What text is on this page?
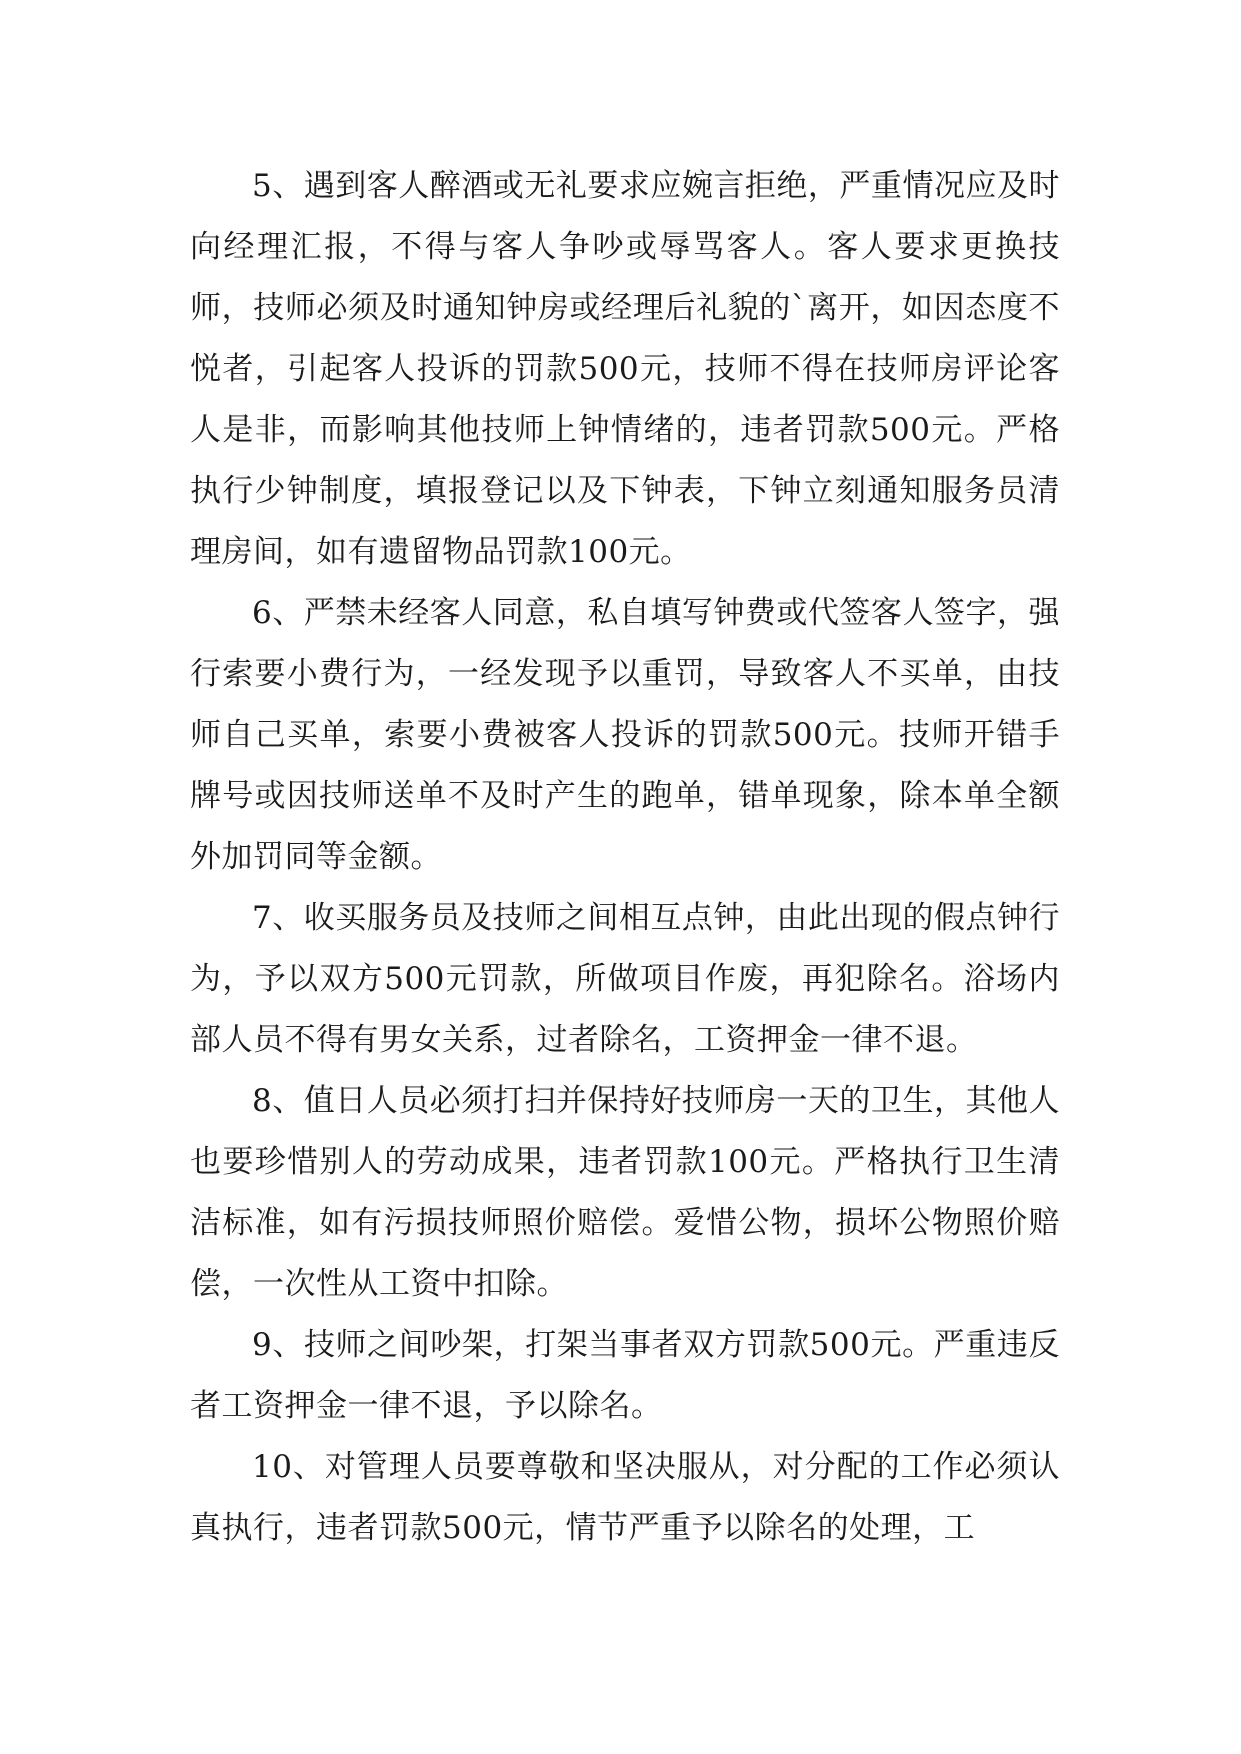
5、遇到客人醉酒或无礼要求应婉言拒绝，严重情况应及时向经理汇报，不得与客人争吵或辱骂客人。客人要求更换技师，技师必须及时通知钟房或经理后礼貌的`离开，如因态度不悦者，引起客人投诉的罚款500元，技师不得在技师房评论客人是非，而影响其他技师上钟情绪的，违者罚款500元。严格执行少钟制度，填报登记以及下钟表，下钟立刻通知服务员清理房间，如有遗留物品罚款100元。

6、严禁未经客人同意，私自填写钟费或代签客人签字，强行索要小费行为，一经发现予以重罚，导致客人不买单，由技师自己买单，索要小费被客人投诉的罚款500元。技师开错手牌号或因技师送单不及时产生的跑单，错单现象，除本单全额外加罚同等金额。

7、收买服务员及技师之间相互点钟，由此出现的假点钟行为，予以双方500元罚款，所做项目作废，再犯除名。浴场内部人员不得有男女关系，过者除名，工资押金一律不退。

8、值日人员必须打扫并保持好技师房一天的卫生，其他人也要珍惜别人的劳动成果，违者罚款100元。严格执行卫生清洁标准，如有污损技师照价赔偿。爱惜公物，损坏公物照价赔偿，一次性从工资中扣除。

9、技师之间吵架，打架当事者双方罚款500元。严重违反者工资押金一律不退，予以除名。

10、对管理人员要尊敬和坚决服从，对分配的工作必须认真执行，违者罚款500元，情节严重予以除名的处理，工
